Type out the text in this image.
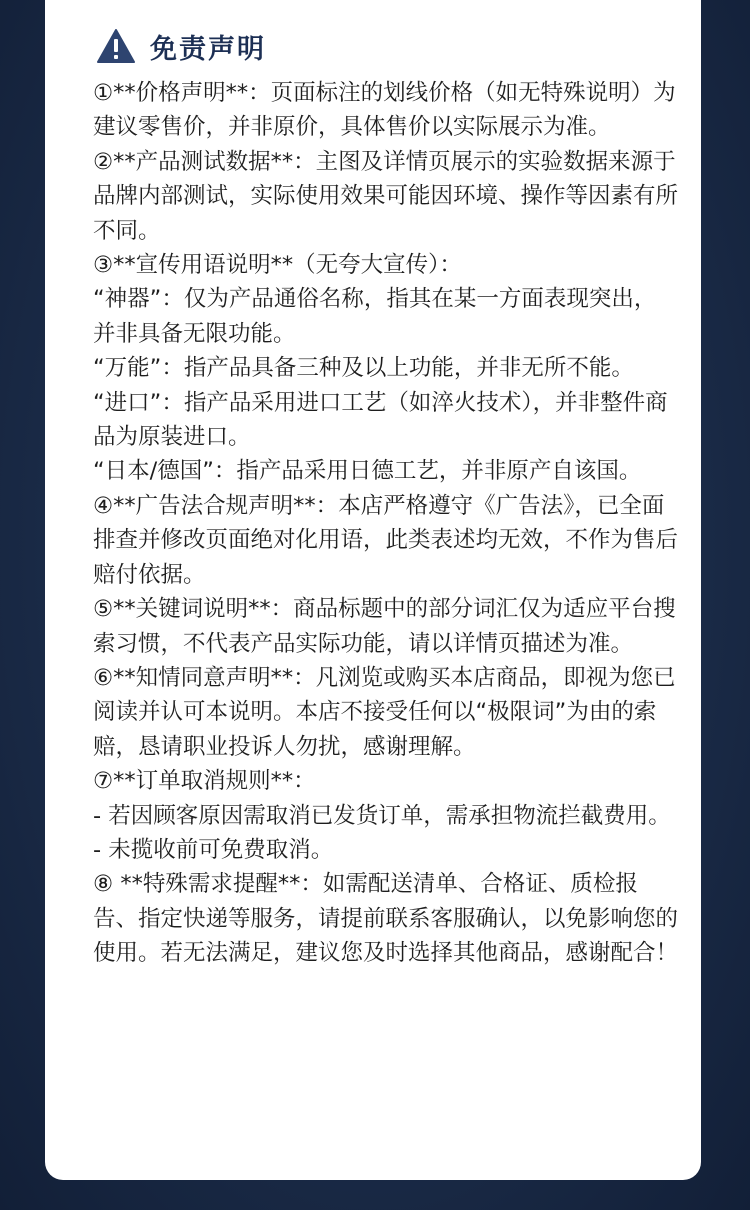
免责声明

①**价格声明**：页面标注的划线价格（如无特殊说明）为建议零售价，并非原价，具体售价以实际展示为准。

②**产品测试数据**：主图及详情页展示的实验数据来源于品牌内部测试，实际使用效果可能因环境、操作等因素有所不同。

③**宣传用语说明**（无夸大宣传）：

“神器”：仅为产品通俗名称，指其在某一方面表现突出，并非具备无限功能。

“万能”：指产品具备三种及以上功能，并非无所不能。

“进口”：指产品采用进口工艺（如淬火技术），并非整件商品为原装进口。

“日本/德国”：指产品采用日德工艺，并非原产自该国。

④**广告法合规声明**：本店严格遵守《广告法》，已全面排查并修改页面绝对化用语，此类表述均无效，不作为售后赔付依据。

⑤**关键词说明**：商品标题中的部分词汇仅为适应平台搜索习惯，不代表产品实际功能，请以详情页描述为准。

⑥**知情同意声明**：凡浏览或购买本店商品，即视为您已阅读并认可本说明。本店不接受任何以“极限词”为由的索赔，恳请职业投诉人勿扰，感谢理解。

⑦**订单取消规则**：

- 若因顾客原因需取消已发货订单，需承担物流拦截费用。

- 未揽收前可免费取消。

⑧ **特殊需求提醒**：如需配送清单、合格证、质检报告、指定快递等服务，请提前联系客服确认，以免影响您的使用。若无法满足，建议您及时选择其他商品，感谢配合！
